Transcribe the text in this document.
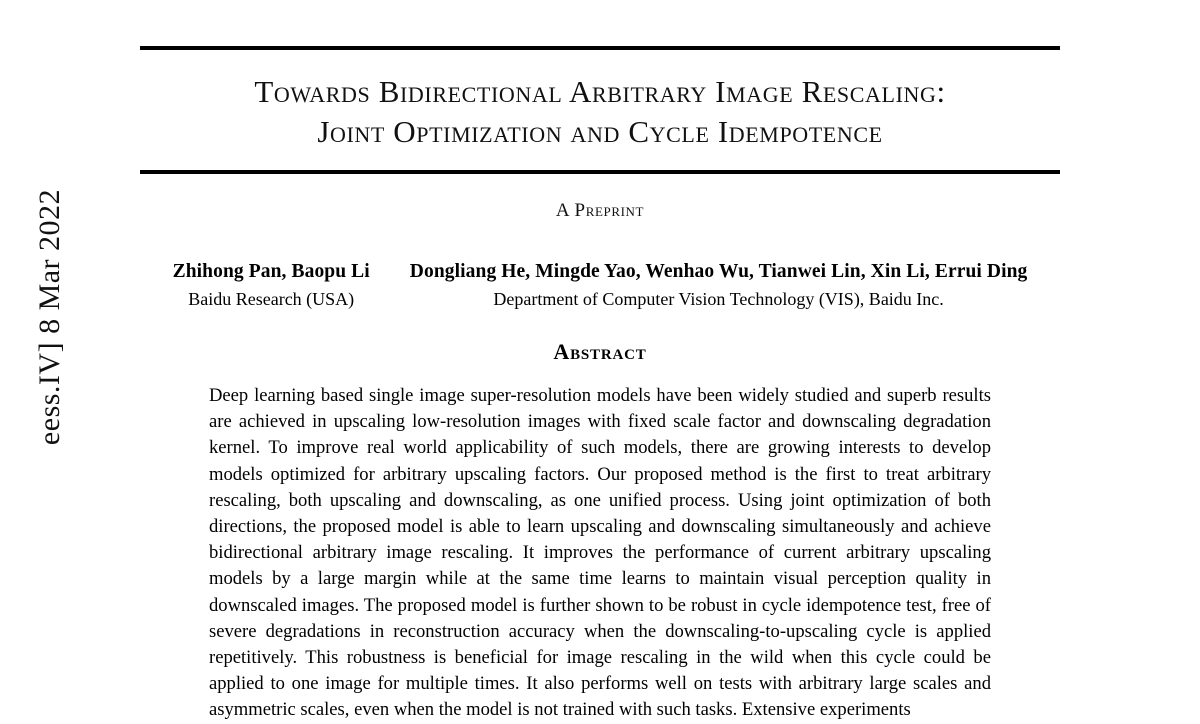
eess.IV] 8 Mar 2022
Towards Bidirectional Arbitrary Image Rescaling:
Joint Optimization and Cycle Idempotence
A Preprint
Zhihong Pan, Baopu Li
Baidu Research (USA)
Dongliang He, Mingde Yao, Wenhao Wu, Tianwei Lin, Xin Li, Errui Ding
Department of Computer Vision Technology (VIS), Baidu Inc.
Abstract
Deep learning based single image super-resolution models have been widely studied and superb results are achieved in upscaling low-resolution images with fixed scale factor and downscaling degradation kernel. To improve real world applicability of such models, there are growing interests to develop models optimized for arbitrary upscaling factors. Our proposed method is the first to treat arbitrary rescaling, both upscaling and downscaling, as one unified process. Using joint optimization of both directions, the proposed model is able to learn upscaling and downscaling simultaneously and achieve bidirectional arbitrary image rescaling. It improves the performance of current arbitrary upscaling models by a large margin while at the same time learns to maintain visual perception quality in downscaled images. The proposed model is further shown to be robust in cycle idempotence test, free of severe degradations in reconstruction accuracy when the downscaling-to-upscaling cycle is applied repetitively. This robustness is beneficial for image rescaling in the wild when this cycle could be applied to one image for multiple times. It also performs well on tests with arbitrary large scales and asymmetric scales, even when the model is not trained with such tasks. Extensive experiments
